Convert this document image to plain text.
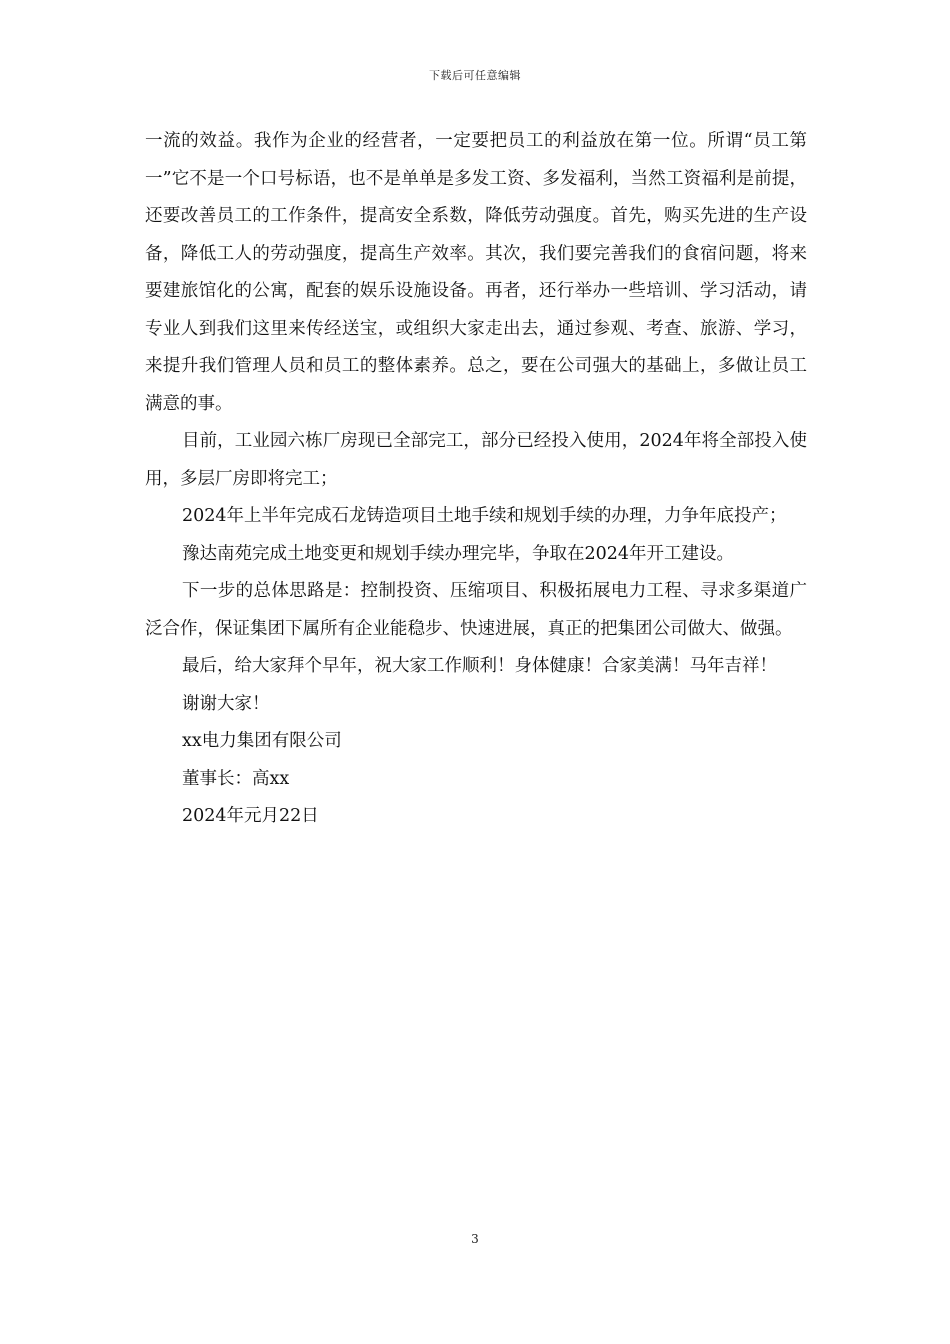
下载后可任意编辑

一流的效益。我作为企业的经营者，一定要把员工的利益放在第一位。所谓“员工第一”它不是一个口号标语，也不是单单是多发工资、多发福利，当然工资福利是前提，还要改善员工的工作条件，提高安全系数，降低劳动强度。首先，购买先进的生产设备，降低工人的劳动强度，提高生产效率。其次，我们要完善我们的食宿问题，将来要建旅馆化的公寓，配套的娱乐设施设备。再者，还行举办一些培训、学习活动，请专业人到我们这里来传经送宝，或组织大家走出去，通过参观、考查、旅游、学习，来提升我们管理人员和员工的整体素养。总之，要在公司强大的基础上，多做让员工满意的事。

目前，工业园六栋厂房现已全部完工，部分已经投入使用，2024年将全部投入使用，多层厂房即将完工；

2024年上半年完成石龙铸造项目土地手续和规划手续的办理，力争年底投产；

豫达南苑完成土地变更和规划手续办理完毕，争取在2024年开工建设。

下一步的总体思路是：控制投资、压缩项目、积极拓展电力工程、寻求多渠道广泛合作，保证集团下属所有企业能稳步、快速进展，真正的把集团公司做大、做强。

最后，给大家拜个早年，祝大家工作顺利！身体健康！合家美满！马年吉祥！

谢谢大家！

xx电力集团有限公司

董事长：高xx

2024年元月22日

3
